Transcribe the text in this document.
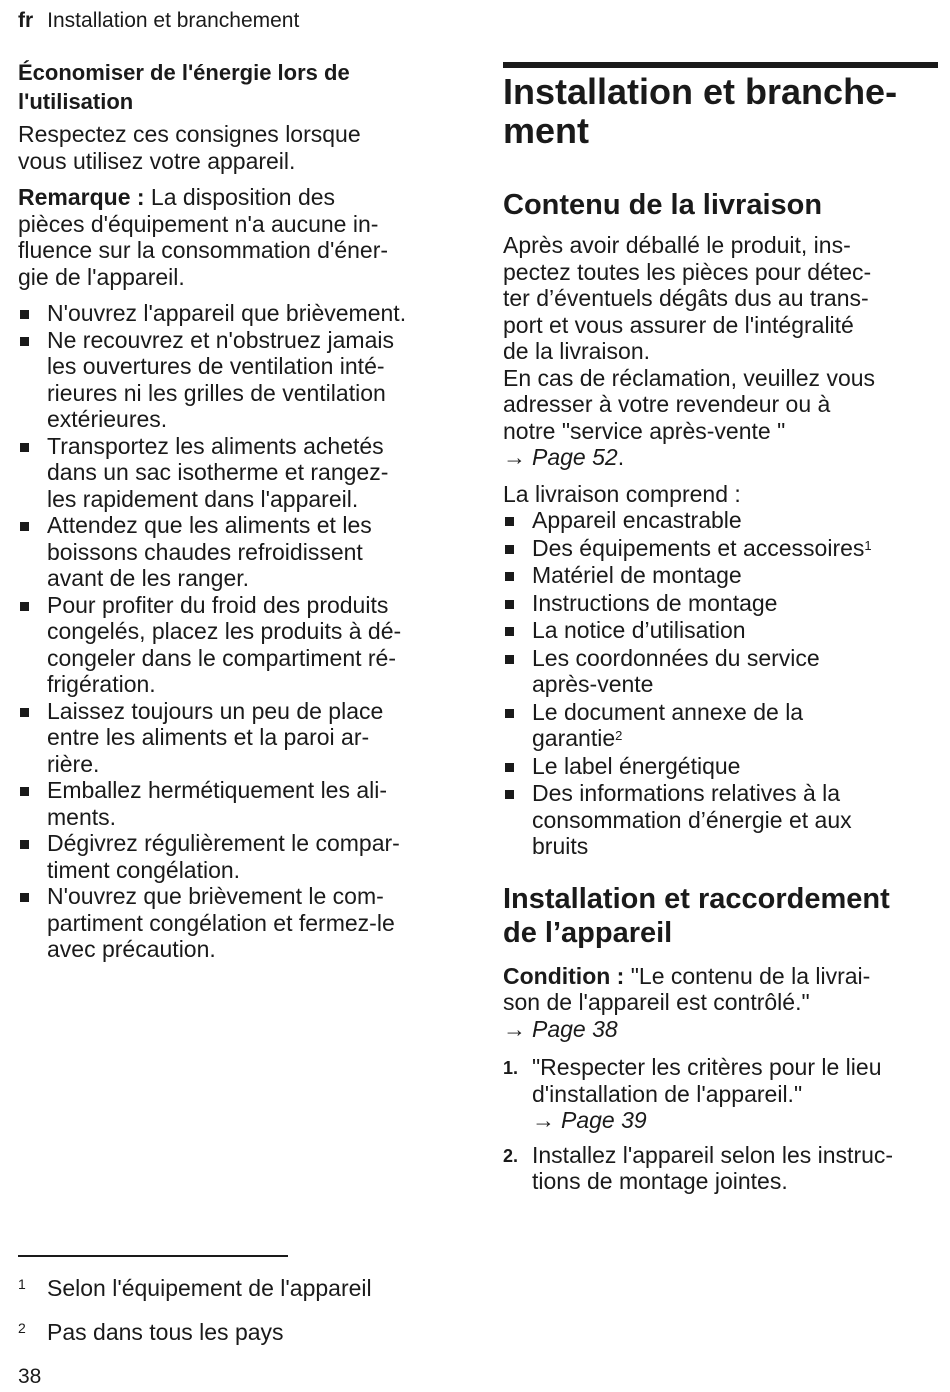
fr Installation et branchement
Économiser de l'énergie lors de
l'utilisation

Respectez ces consignes lorsque
vous utilisez votre appareil.

Remarque : La disposition des
pièces d'équipement n'a aucune in-
fluence sur la consommation d'éner-
gie de l'appareil.

N'ouvrez l'appareil que brièvement.
Ne recouvrez et n'obstruez jamais
les ouvertures de ventilation inté-
rieures ni les grilles de ventilation
extérieures.
Transportez les aliments achetés
dans un sac isotherme et rangez-
les rapidement dans l'appareil.
Attendez que les aliments et les
boissons chaudes refroidissent
avant de les ranger.
Pour profiter du froid des produits
congelés, placez les produits à dé-
congeler dans le compartiment ré-
frigération.
Laissez toujours un peu de place
entre les aliments et la paroi ar-
rière.
Emballez hermétiquement les ali-
ments.
Dégivrez régulièrement le compar-
timent congélation.
N'ouvrez que brièvement le com-
partiment congélation et fermez-le
avec précaution.
Installation et branche-
ment
Contenu de la livraison

Après avoir déballé le produit, ins-
pectez toutes les pièces pour détec-
ter d’éventuels dégâts dus au trans-
port et vous assurer de l'intégralité
de la livraison.
En cas de réclamation, veuillez vous
adresser à votre revendeur ou à
notre "service après-vente "
→ Page 52.

La livraison comprend :

Appareil encastrable
Des équipements et accessoires$^1$
Matériel de montage
Instructions de montage
La notice d’utilisation
Les coordonnées du service
après-vente
Le document annexe de la
garantie$^2$
Le label énergétique
Des informations relatives à la
consommation d’énergie et aux
bruits
Installation et raccordement
de l’appareil

Condition : "Le contenu de la livrai-
son de l'appareil est contrôlé."
→ Page 38

1. "Respecter les critères pour le lieu
d'installation de l'appareil."
→ Page 39
2. Installez l'appareil selon les instruc-
tions de montage jointes.
1 Selon l'équipement de l'appareil
2 Pas dans tous les pays
38
